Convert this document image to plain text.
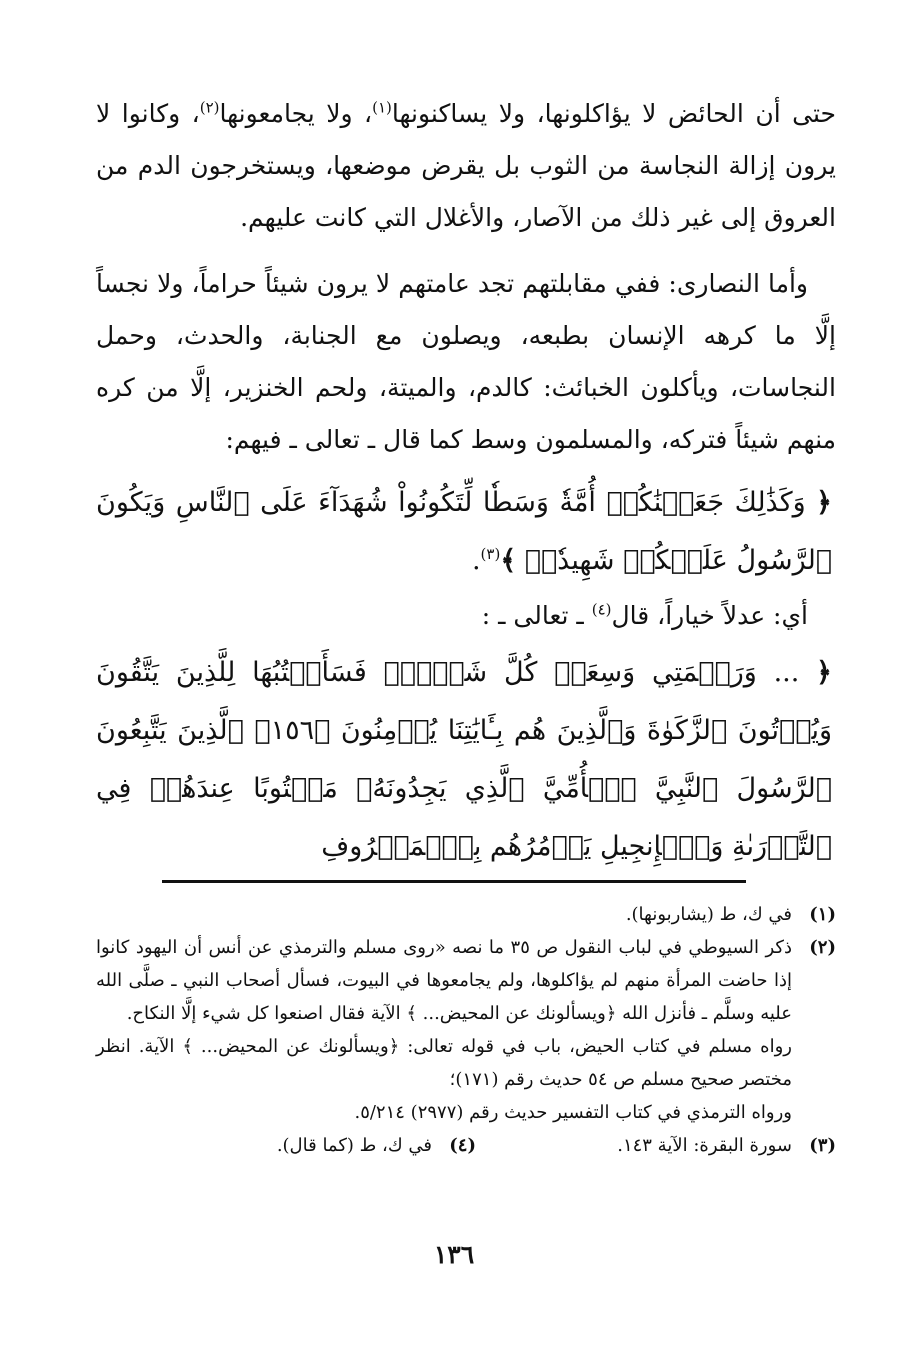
حتى أن الحائض لا يؤاكلونها، ولا يساكنونها$^{(١)}$، ولا يجامعونها$^{(٢)}$، وكانوا لا يرون إزالة النجاسة من الثوب بل يقرض موضعها، ويستخرجون الدم من العروق إلى غير ذلك من الآصار، والأغلال التي كانت عليهم.

وأما النصارى: ففي مقابلتهم تجد عامتهم لا يرون شيئاً حراماً، ولا نجساً إلَّا ما كرهه الإنسان بطبعه، ويصلون مع الجنابة، والحدث، وحمل النجاسات، ويأكلون الخبائث: كالدم، والميتة، ولحم الخنزير، إلَّا من كره منهم شيئاً فتركه، والمسلمون وسط كما قال ـ تعالى ـ فيهم:

﴿ وَكَذَٰلِكَ جَعَلۡنَٰكُمۡ أُمَّةٗ وَسَطٗا لِّتَكُونُواْ شُهَدَآءَ عَلَى ٱلنَّاسِ وَيَكُونَ ٱلرَّسُولُ عَلَيۡكُمۡ شَهِيدٗاۗ ﴾$^{(٣)}$.

أي: عدلاً خياراً، قال$^{(٤)}$ ـ تعالى ـ :

﴿ ... وَرَحۡمَتِي وَسِعَتۡ كُلَّ شَيۡءٖۚ فَسَأَكۡتُبُهَا لِلَّذِينَ يَتَّقُونَ وَيُؤۡتُونَ ٱلزَّكَوٰةَ وَٱلَّذِينَ هُم بِـَٔايَٰتِنَا يُؤۡمِنُونَ ﴿١٥٦﴾ ٱلَّذِينَ يَتَّبِعُونَ ٱلرَّسُولَ ٱلنَّبِيَّ ٱلۡأُمِّيَّ ٱلَّذِي يَجِدُونَهُۥ مَكۡتُوبًا عِندَهُمۡ فِي ٱلتَّوۡرَىٰةِ وَٱلۡإِنجِيلِ يَأۡمُرُهُم بِٱلۡمَعۡرُوفِ

(١)
في ك، ط (يشاربونها).
(٢)
ذكر السيوطي في لباب النقول ص ٣٥ ما نصه «روى مسلم والترمذي عن أنس أن اليهود كانوا إذا حاضت المرأة منهم لم يؤاكلوها، ولم يجامعوها في البيوت، فسأل أصحاب النبي ـ صلَّى الله عليه وسلَّم ـ فأنزل الله ﴿ويسألونك عن المحيض... ﴾ الآية فقال اصنعوا كل شيء إلَّا النكاح.

رواه مسلم في كتاب الحيض، باب في قوله تعالى: ﴿ويسألونك عن المحيض... ﴾ الآية. انظر مختصر صحيح مسلم ص ٥٤ حديث رقم (١٧١)؛

ورواه الترمذي في كتاب التفسير حديث رقم (٢٩٧٧) ٥/٢١٤.

(٣)
سورة البقرة: الآية ١٤٣.
(٤)
في ك، ط (كما قال).
١٣٦
